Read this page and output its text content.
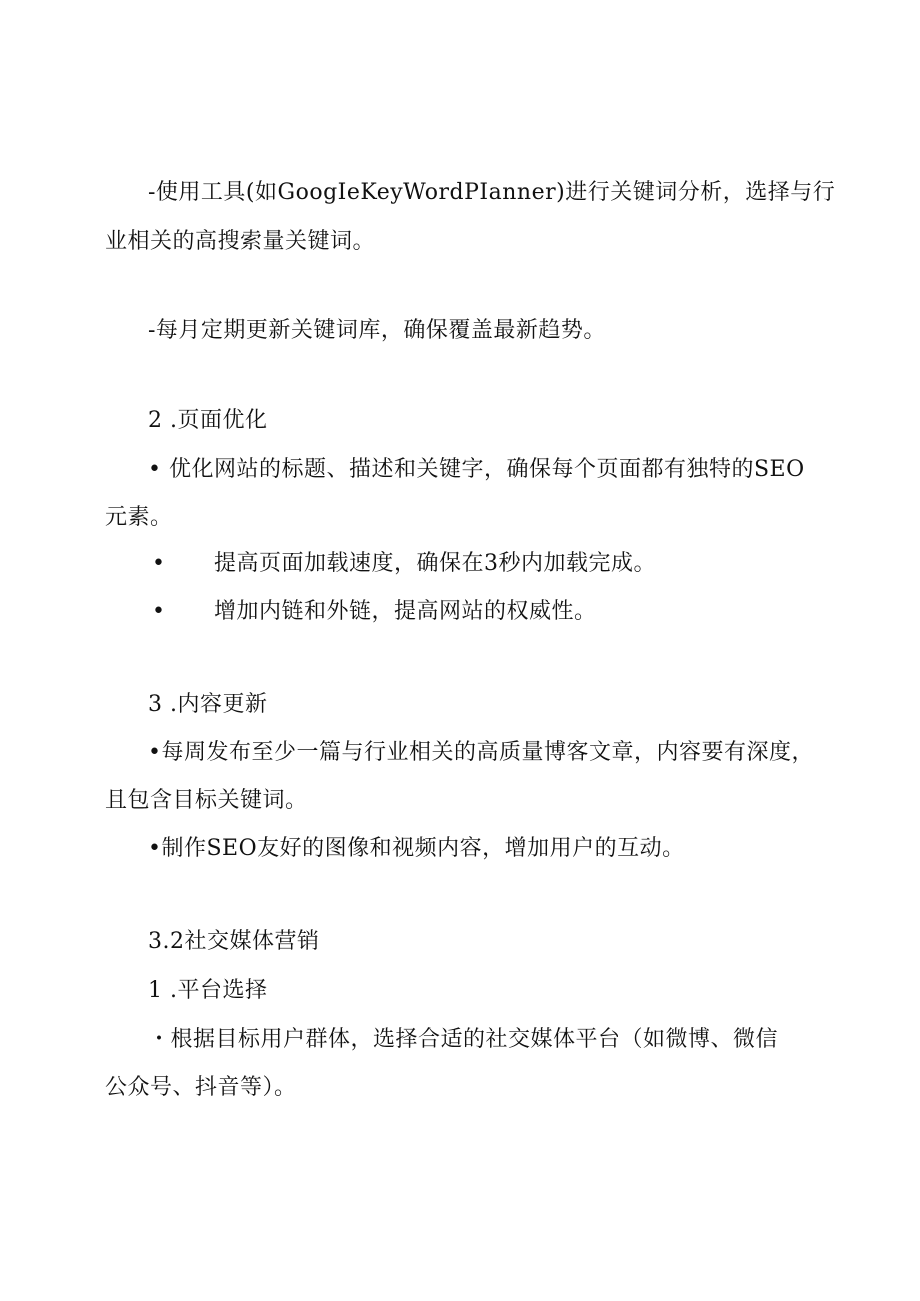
-使用工具(如GoogIeKeyWordPIanner)进行关键词分析，选择与行
业相关的高搜索量关键词。
-每月定期更新关键词库，确保覆盖最新趋势。
2 .页面优化
• 优化网站的标题、描述和关键字，确保每个页面都有独特的SEO
元素。
• 提高页面加载速度，确保在3秒内加载完成。
• 增加内链和外链，提高网站的权威性。
3 .内容更新
•每周发布至少一篇与行业相关的高质量博客文章，内容要有深度，
且包含目标关键词。
•制作SEO友好的图像和视频内容，增加用户的互动。
3.2社交媒体营销
1 .平台选择
・根据目标用户群体，选择合适的社交媒体平台（如微博、微信
公众号、抖音等）。
